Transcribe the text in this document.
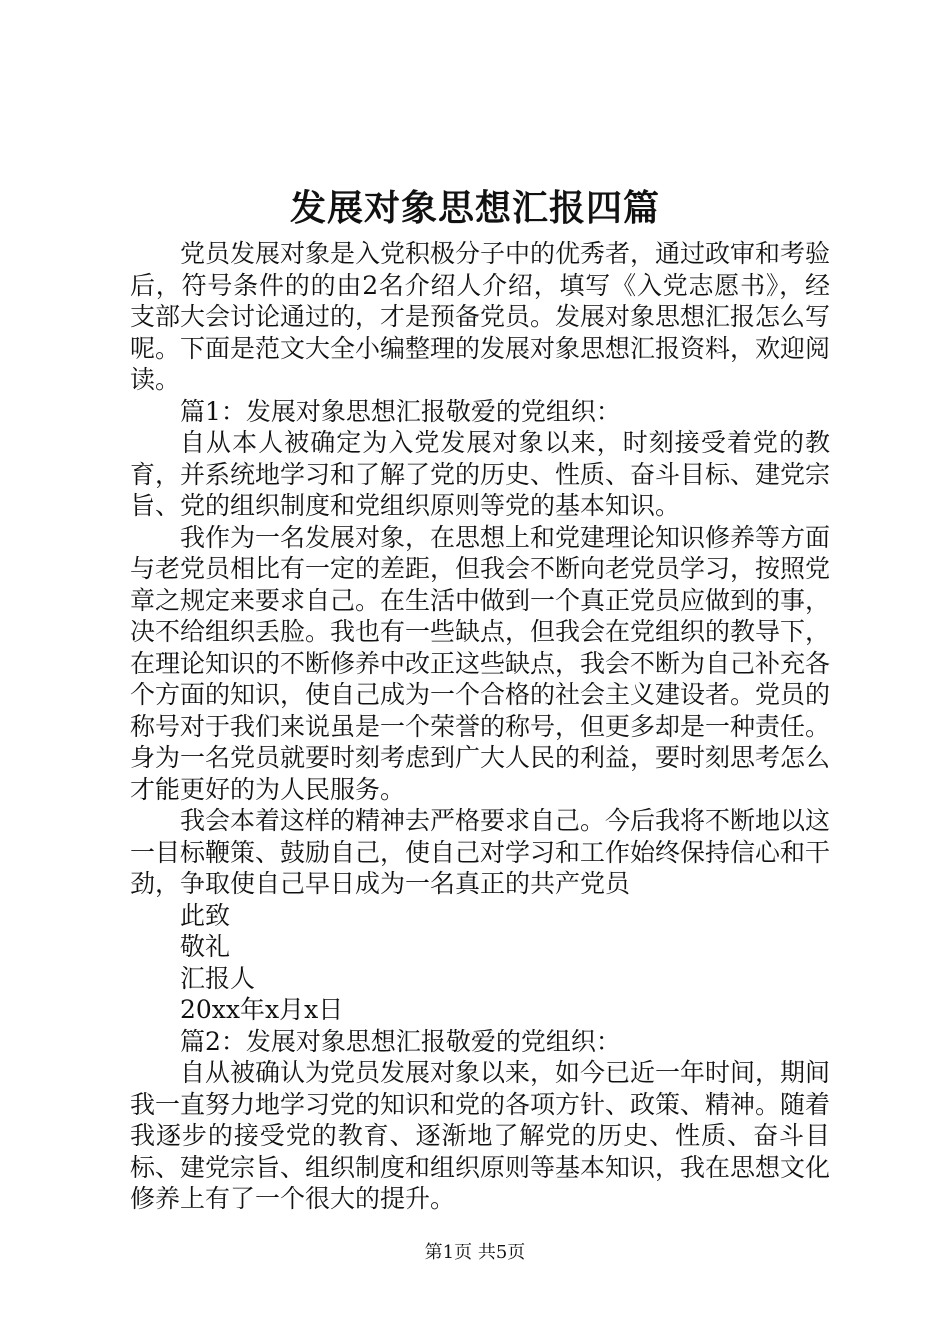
发展对象思想汇报四篇

党员发展对象是入党积极分子中的优秀者，通过政审和考验后，符号条件的的由2名介绍人介绍，填写《入党志愿书》，经支部大会讨论通过的，才是预备党员。发展对象思想汇报怎么写呢。下面是范文大全小编整理的发展对象思想汇报资料，欢迎阅读。

篇1：发展对象思想汇报敬爱的党组织：

自从本人被确定为入党发展对象以来，时刻接受着党的教育，并系统地学习和了解了党的历史、性质、奋斗目标、建党宗旨、党的组织制度和党组织原则等党的基本知识。

我作为一名发展对象，在思想上和党建理论知识修养等方面与老党员相比有一定的差距，但我会不断向老党员学习，按照党章之规定来要求自己。在生活中做到一个真正党员应做到的事，决不给组织丢脸。我也有一些缺点，但我会在党组织的教导下，在理论知识的不断修养中改正这些缺点，我会不断为自己补充各个方面的知识，使自己成为一个合格的社会主义建设者。党员的称号对于我们来说虽是一个荣誉的称号，但更多却是一种责任。身为一名党员就要时刻考虑到广大人民的利益，要时刻思考怎么才能更好的为人民服务。

我会本着这样的精神去严格要求自己。今后我将不断地以这一目标鞭策、鼓励自己，使自己对学习和工作始终保持信心和干劲，争取使自己早日成为一名真正的共产党员

此致

敬礼

汇报人

20xx年x月x日

篇2：发展对象思想汇报敬爱的党组织：

自从被确认为党员发展对象以来，如今已近一年时间，期间我一直努力地学习党的知识和党的各项方针、政策、精神。随着我逐步的接受党的教育、逐渐地了解党的历史、性质、奋斗目标、建党宗旨、组织制度和组织原则等基本知识，我在思想文化修养上有了一个很大的提升。

第1页 共5页
